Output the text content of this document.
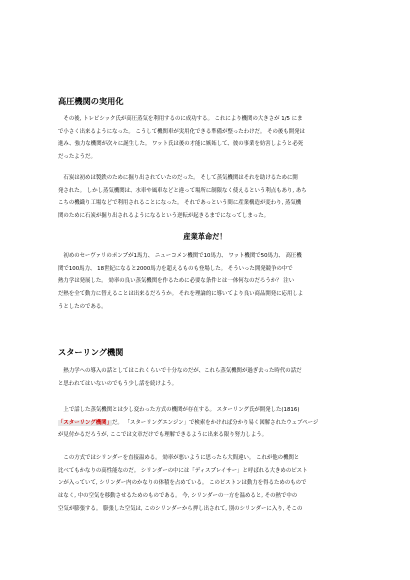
高圧機関の実用化
　その後, トレビシック氏が高圧蒸気を利用するのに成功する。 これにより機関の大きさが 1/5 にま
で小さく出来るようになった。 こうして機関車が実用化できる準備が整ったわけだ。 その後も開発は
進み、強力な機関が次々に誕生した。 ワット氏は後の才能に嫉妬して、彼の事業を妨害しようと必死
だったようだ。
　石炭は初めは製鉄のために掘り出されていたのだった。 そして蒸気機関はそれを助けるために開
発された。 しかし蒸気機関は、水車や風車などと違って場所に制限なく使えるという利点もあり, あち
こちの機織り工場などで利用されることになった。 それであっという間に産業構造が変わり, 蒸気機
関のために石炭が掘り出されるようになるという逆転が起きるまでになってしまった。
産業革命だ！
　初めのセーヴァリのポンプが1馬力、 ニューコメン機関で10馬力、 ワット機関で50馬力、 高圧機
関で100馬力、 18世紀になると2000馬力を超えるものも登場した。 そういった開発競争の中で
熱力学は発展した。 効率の良い蒸気機関を作るために必要な条件とは一体何なのだろうか？ 注い
だ熱を全て動力に替えることは出来るだろうか。 それを理論的に導いてより良い商品開発に応用しよ
うとしたのである。
スターリング機関
　熱力学への導入の話としてはこれくらいで十分なのだが、これら蒸気機関が過ぎ去った時代の話だ
と思われてはいないのでもう少し話を続けよう。
　上で話した蒸気機関とは少し変わった方式の機関が存在する。 スターリング氏が開発した(1816)
「スターリング機関」だ。 「スターリングエンジン」で検索をかければ分かり易く図解されたウェブページ
が見付かるだろうが, ここでは文章だけでも理解できるように出来る限り努力しよう。
　この方式ではシリンダーを直接温める。 効率が悪いように思ったら大間違い。 これが他の機関と
比べてもかなりの高性能なのだ。 シリンダーの中には「ディスプレイサー」と呼ばれる大きめのピスト
ンが入っていて, シリンダー内のかなりの体積を占めている。 このピストンは動力を得るためのもので
はなく, 中の空気を移動させるためのものである。 今, シリンダーの一方を温めると, その熱で中の
空気が膨張する。 膨張した空気は, このシリンダーから押し出されて, 別のシリンダーに入り, そこの
